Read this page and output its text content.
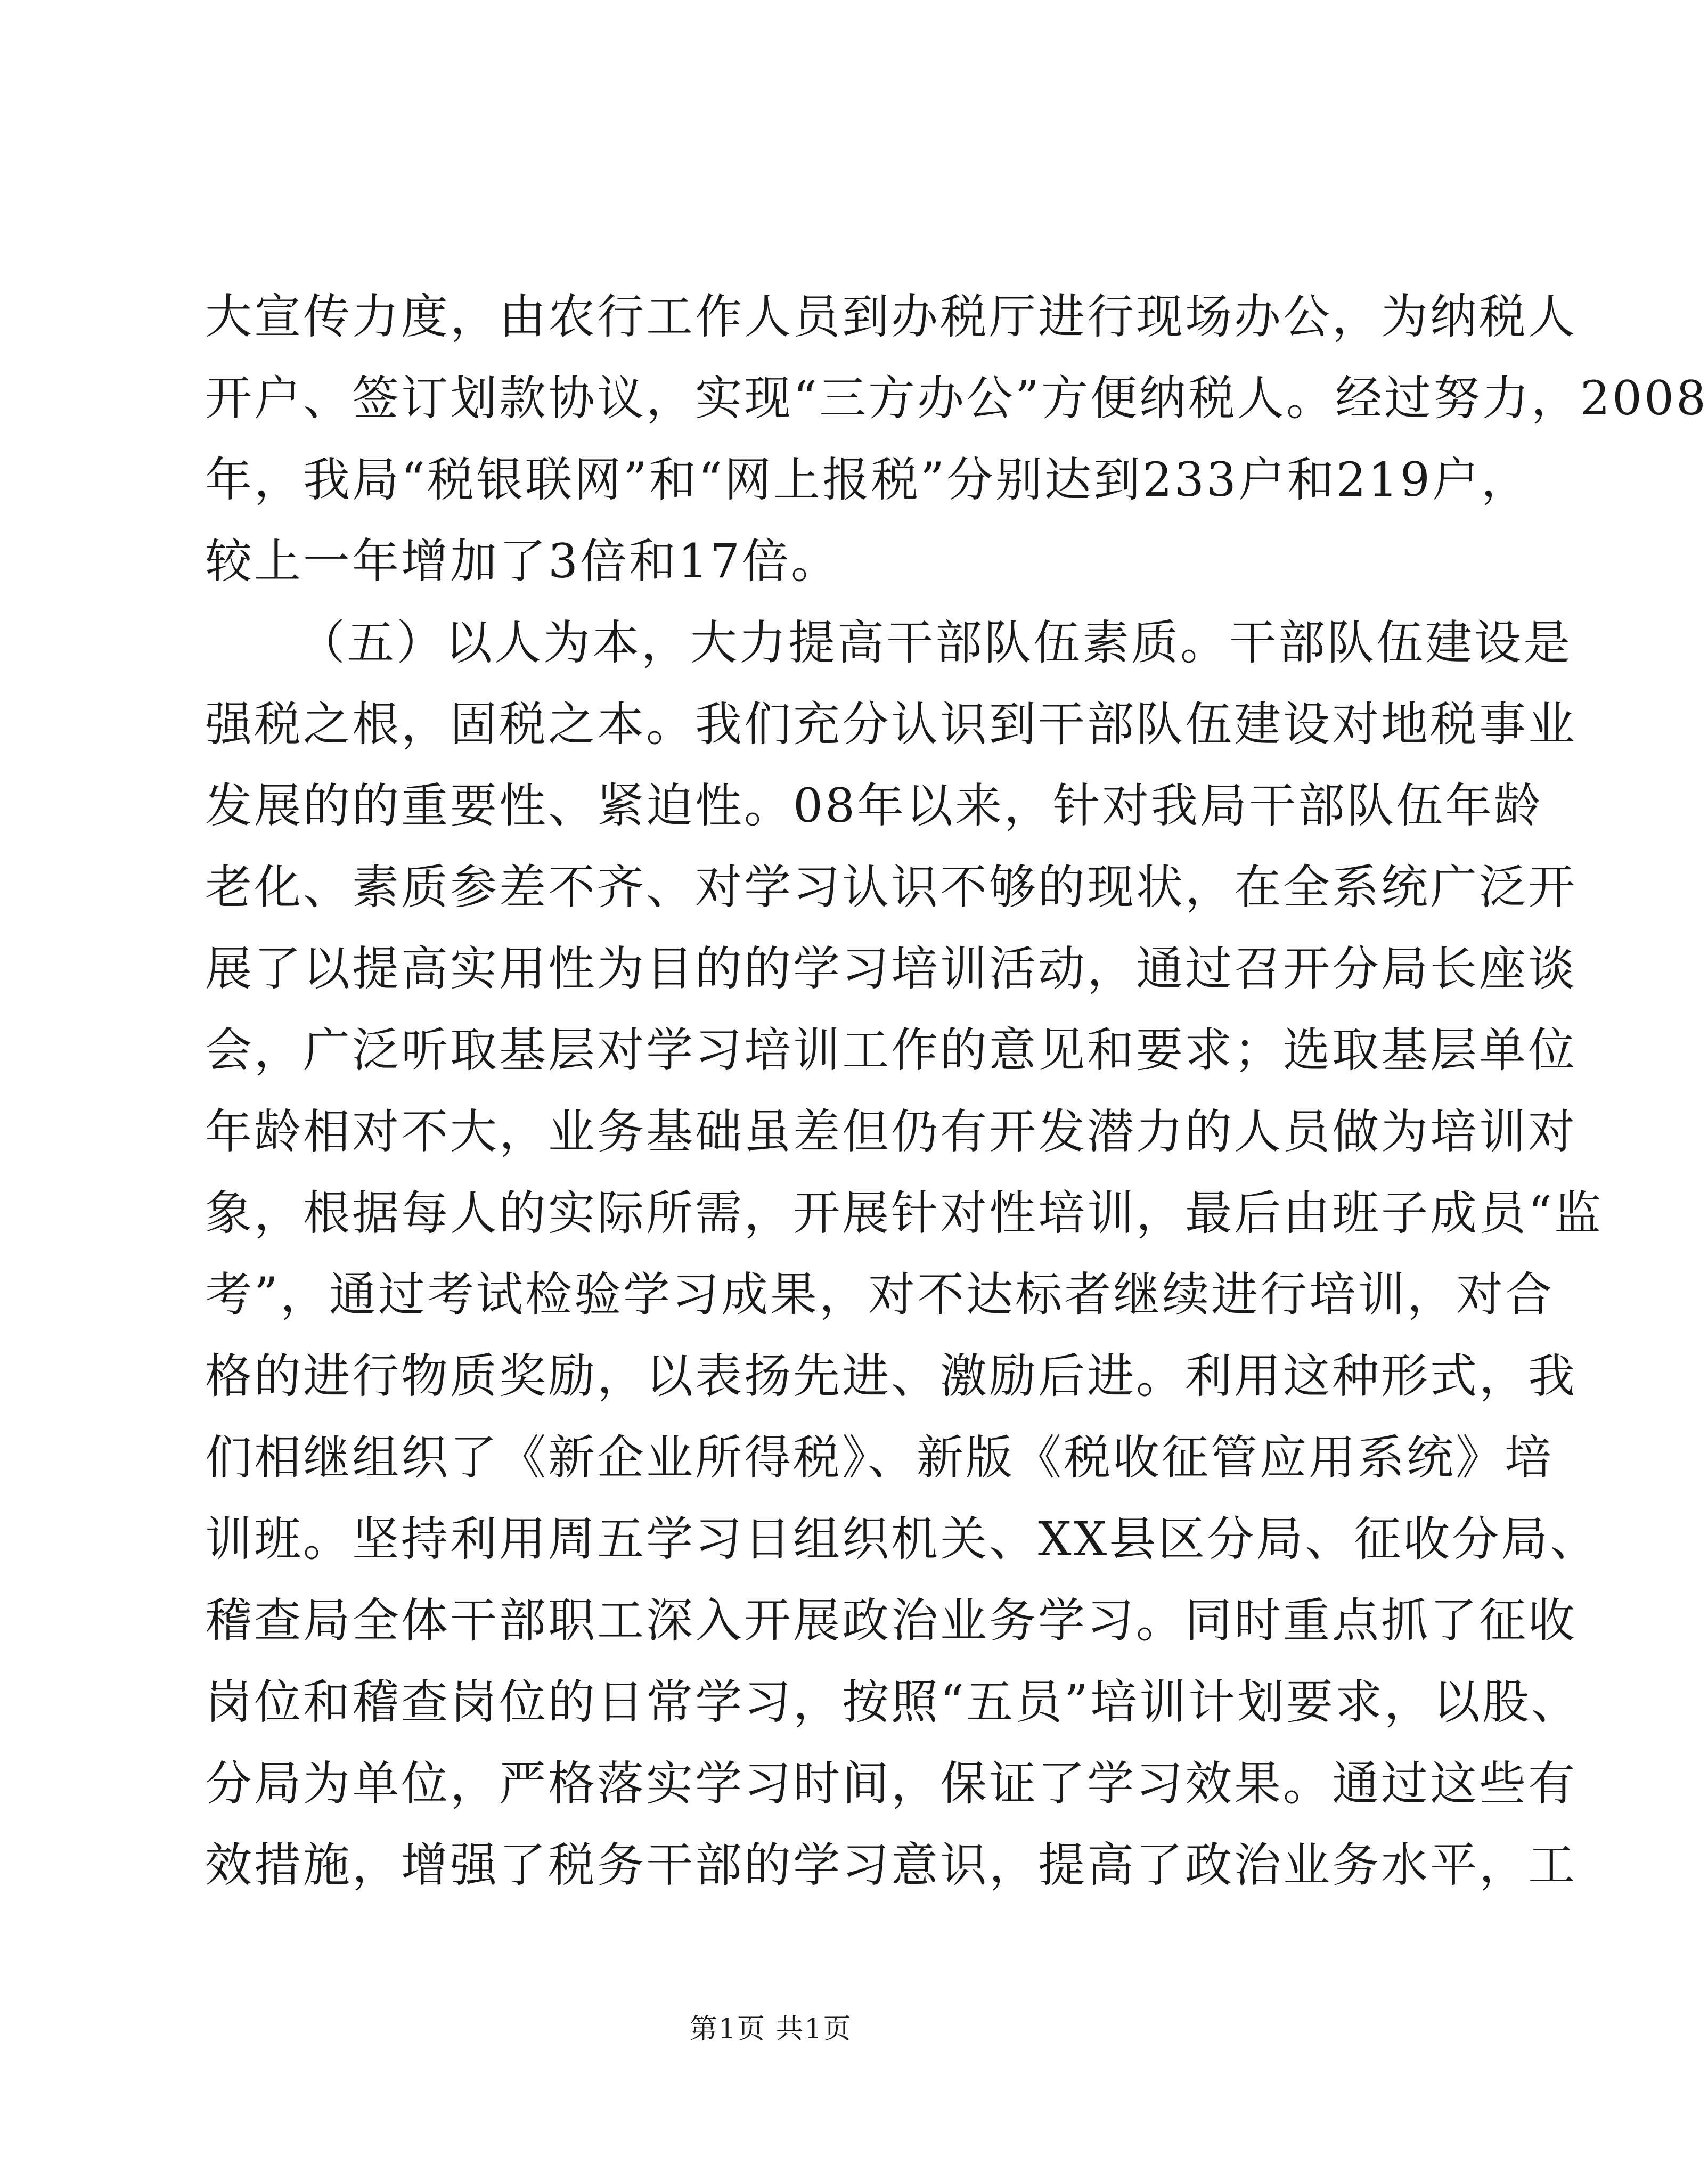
大宣传力度，由农行工作人员到办税厅进行现场办公，为纳税人
开户、签订划款协议，实现“三方办公”方便纳税人。经过努力，2008
年，我局“税银联网”和“网上报税”分别达到233户和219户，
较上一年增加了3倍和17倍。
（五）以人为本，大力提高干部队伍素质。干部队伍建设是
强税之根，固税之本。我们充分认识到干部队伍建设对地税事业
发展的的重要性、紧迫性。08年以来，针对我局干部队伍年龄
老化、素质参差不齐、对学习认识不够的现状，在全系统广泛开
展了以提高实用性为目的的学习培训活动，通过召开分局长座谈
会，广泛听取基层对学习培训工作的意见和要求；选取基层单位
年龄相对不大，业务基础虽差但仍有开发潜力的人员做为培训对
象，根据每人的实际所需，开展针对性培训，最后由班子成员“监
考”，通过考试检验学习成果，对不达标者继续进行培训，对合
格的进行物质奖励，以表扬先进、激励后进。利用这种形式，我
们相继组织了《新企业所得税》、新版《税收征管应用系统》培
训班。坚持利用周五学习日组织机关、XX县区分局、征收分局、
稽查局全体干部职工深入开展政治业务学习。同时重点抓了征收
岗位和稽查岗位的日常学习，按照“五员”培训计划要求，以股、
分局为单位，严格落实学习时间，保证了学习效果。通过这些有
效措施，增强了税务干部的学习意识，提高了政治业务水平，工
第1页 共1页
